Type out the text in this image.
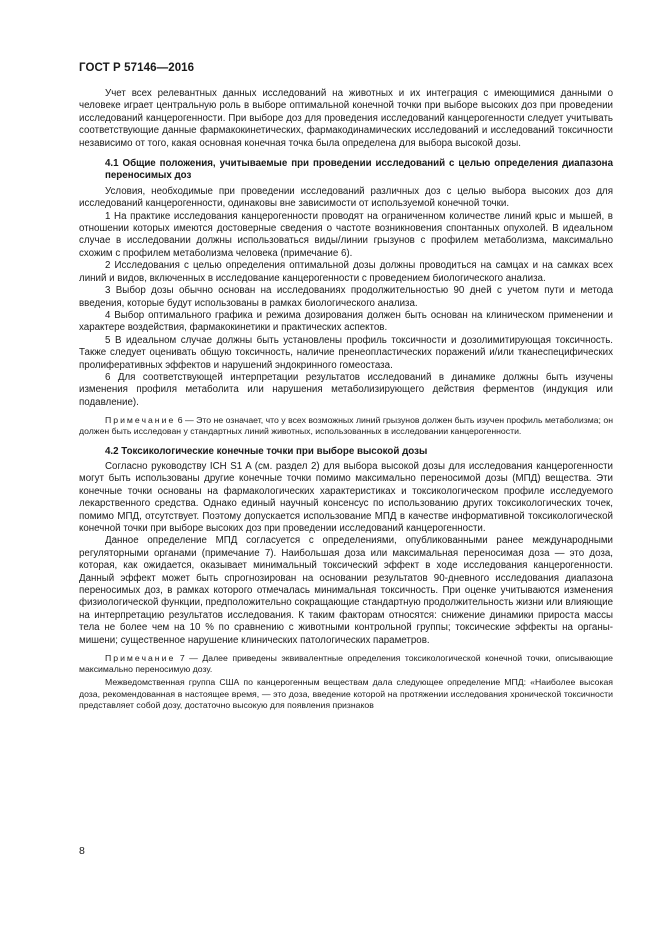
ГОСТ Р 57146—2016

Учет всех релевантных данных исследований на животных и их интеграция с имеющимися данными о человеке играет центральную роль в выборе оптимальной конечной точки при выборе высоких доз при проведении исследований канцерогенности. При выборе доз для проведения исследований канцерогенности следует учитывать соответствующие данные фармакокинетических, фармакодинамических исследований и исследований токсичности независимо от того, какая основная конечная точка была определена для выбора высокой дозы.

4.1 Общие положения, учитываемые при проведении исследований с целью определения диапазона переносимых доз

Условия, необходимые при проведении исследований различных доз с целью выбора высоких доз для исследований канцерогенности, одинаковы вне зависимости от используемой конечной точки.

1 На практике исследования канцерогенности проводят на ограниченном количестве линий крыс и мышей, в отношении которых имеются достоверные сведения о частоте возникновения спонтанных опухолей. В идеальном случае в исследовании должны использоваться виды/линии грызунов с профилем метаболизма, максимально схожим с профилем метаболизма человека (примечание 6).

2 Исследования с целью определения оптимальной дозы должны проводиться на самцах и на самках всех линий и видов, включенных в исследование канцерогенности с проведением биологического анализа.

3 Выбор дозы обычно основан на исследованиях продолжительностью 90 дней с учетом пути и метода введения, которые будут использованы в рамках биологического анализа.

4 Выбор оптимального графика и режима дозирования должен быть основан на клиническом применении и характере воздействия, фармакокинетики и практических аспектов.

5 В идеальном случае должны быть установлены профиль токсичности и дозолимитирующая токсичность. Также следует оценивать общую токсичность, наличие пренеопластических поражений и/или тканеспецифических пролиферативных эффектов и нарушений эндокринного гомеостаза.

6 Для соответствующей интерпретации результатов исследований в динамике должны быть изучены изменения профиля метаболита или нарушения метаболизирующего действия ферментов (индукция или подавление).

Примечание 6 — Это не означает, что у всех возможных линий грызунов должен быть изучен профиль метаболизма; он должен быть исследован у стандартных линий животных, использованных в исследовании канцерогенности.

4.2 Токсикологические конечные точки при выборе высокой дозы

Согласно руководству ICH S1 A (см. раздел 2) для выбора высокой дозы для исследования канцерогенности могут быть использованы другие конечные точки помимо максимально переносимой дозы (МПД) вещества. Эти конечные точки основаны на фармакологических характеристиках и токсикологическом профиле исследуемого лекарственного средства. Однако единый научный консенсус по использованию других токсикологических точек, помимо МПД, отсутствует. Поэтому допускается использование МПД в качестве информативной токсикологической конечной точки при выборе высоких доз при проведении исследований канцерогенности.

Данное определение МПД согласуется с определениями, опубликованными ранее международными регуляторными органами (примечание 7). Наибольшая доза или максимальная переносимая доза — это доза, которая, как ожидается, оказывает минимальный токсический эффект в ходе исследования канцерогенности. Данный эффект может быть спрогнозирован на основании результатов 90-дневного исследования диапазона переносимых доз, в рамках которого отмечалась минимальная токсичность. При оценке учитываются изменения физиологической функции, предположительно сокращающие стандартную продолжительность жизни или влияющие на интерпретацию результатов исследования. К таким факторам относятся: снижение динамики прироста массы тела не более чем на 10 % по сравнению с животными контрольной группы; токсические эффекты на органы-мишени; существенное нарушение клинических патологических параметров.

Примечание 7 — Далее приведены эквивалентные определения токсикологической конечной точки, описывающие максимально переносимую дозу.

Межведомственная группа США по канцерогенным веществам дала следующее определение МПД: «Наиболее высокая доза, рекомендованная в настоящее время, — это доза, введение которой на протяжении исследования хронической токсичности представляет собой дозу, достаточно высокую для появления признаков

8
